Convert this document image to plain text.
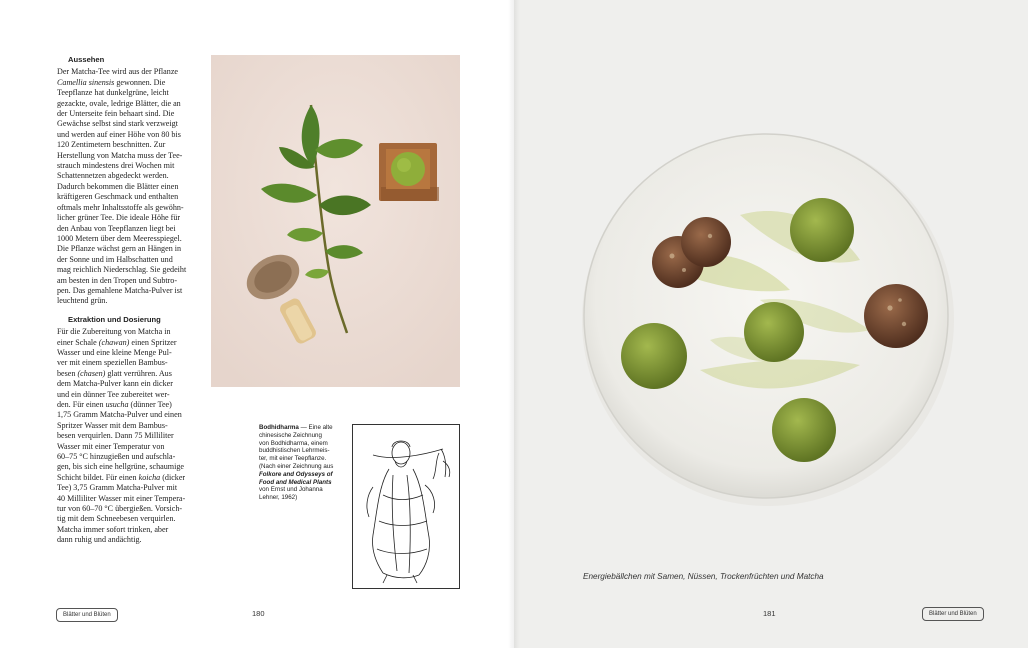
Aussehen
Der Matcha-Tee wird aus der Pflanze
Camellia sinensis gewonnen. Die
Teepflanze hat dunkelgrüne, leicht
gezackte, ovale, ledrige Blätter, die an
der Unterseite fein behaart sind. Die
Gewächse selbst sind stark verzweigt
und werden auf einer Höhe von 80 bis
120 Zentimetern beschnitten. Zur
Herstellung von Matcha muss der Tee-
strauch mindestens drei Wochen mit
Schattennetzen abgedeckt werden.
Dadurch bekommen die Blätter einen
kräftigeren Geschmack und enthalten
oftmals mehr Inhaltsstoffe als gewöhn-
licher grüner Tee. Die ideale Höhe für
den Anbau von Teepflanzen liegt bei
1000 Metern über dem Meeresspiegel.
Die Pflanze wächst gern an Hängen in
der Sonne und im Halbschatten und
mag reichlich Niederschlag. Sie gedeiht
am besten in den Tropen und Subtro-
pen. Das gemahlene Matcha-Pulver ist
leuchtend grün.
Extraktion und Dosierung
Für die Zubereitung von Matcha in
einer Schale (chawan) einen Spritzer
Wasser und eine kleine Menge Pul-
ver mit einem speziellen Bambus-
besen (chasen) glatt verrühren. Aus
dem Matcha-Pulver kann ein dicker
und ein dünner Tee zubereitet wer-
den. Für einen usucha (dünner Tee)
1,75 Gramm Matcha-Pulver und einen
Spritzer Wasser mit dem Bambus-
besen verquirlen. Dann 75 Milliliter
Wasser mit einer Temperatur von
60–75 °C hinzugießen und aufschla-
gen, bis sich eine hellgrüne, schaumige
Schicht bildet. Für einen koicha (dicker
Tee) 3,75 Gramm Matcha-Pulver mit
40 Milliliter Wasser mit einer Tempera-
tur von 60–70 °C übergießen. Vorsich-
tig mit dem Schneebesen verquirlen.
Matcha immer sofort trinken, aber
dann ruhig und andächtig.
Bodhidharma — Eine alte
chinesische Zeichnung
von Bodhidharma, einem
buddhistischen Lehrmeis-
ter, mit einer Teepflanze.
(Nach einer Zeichnung aus
Folkore and Odysseys of
Food and Medical Plants
von Ernst und Johanna
Lehner, 1962)
Blätter und Blüten	180
Energiebällchen mit Samen, Nüssen, Trockenfrüchten und Matcha
181	Blätter und Blüten
